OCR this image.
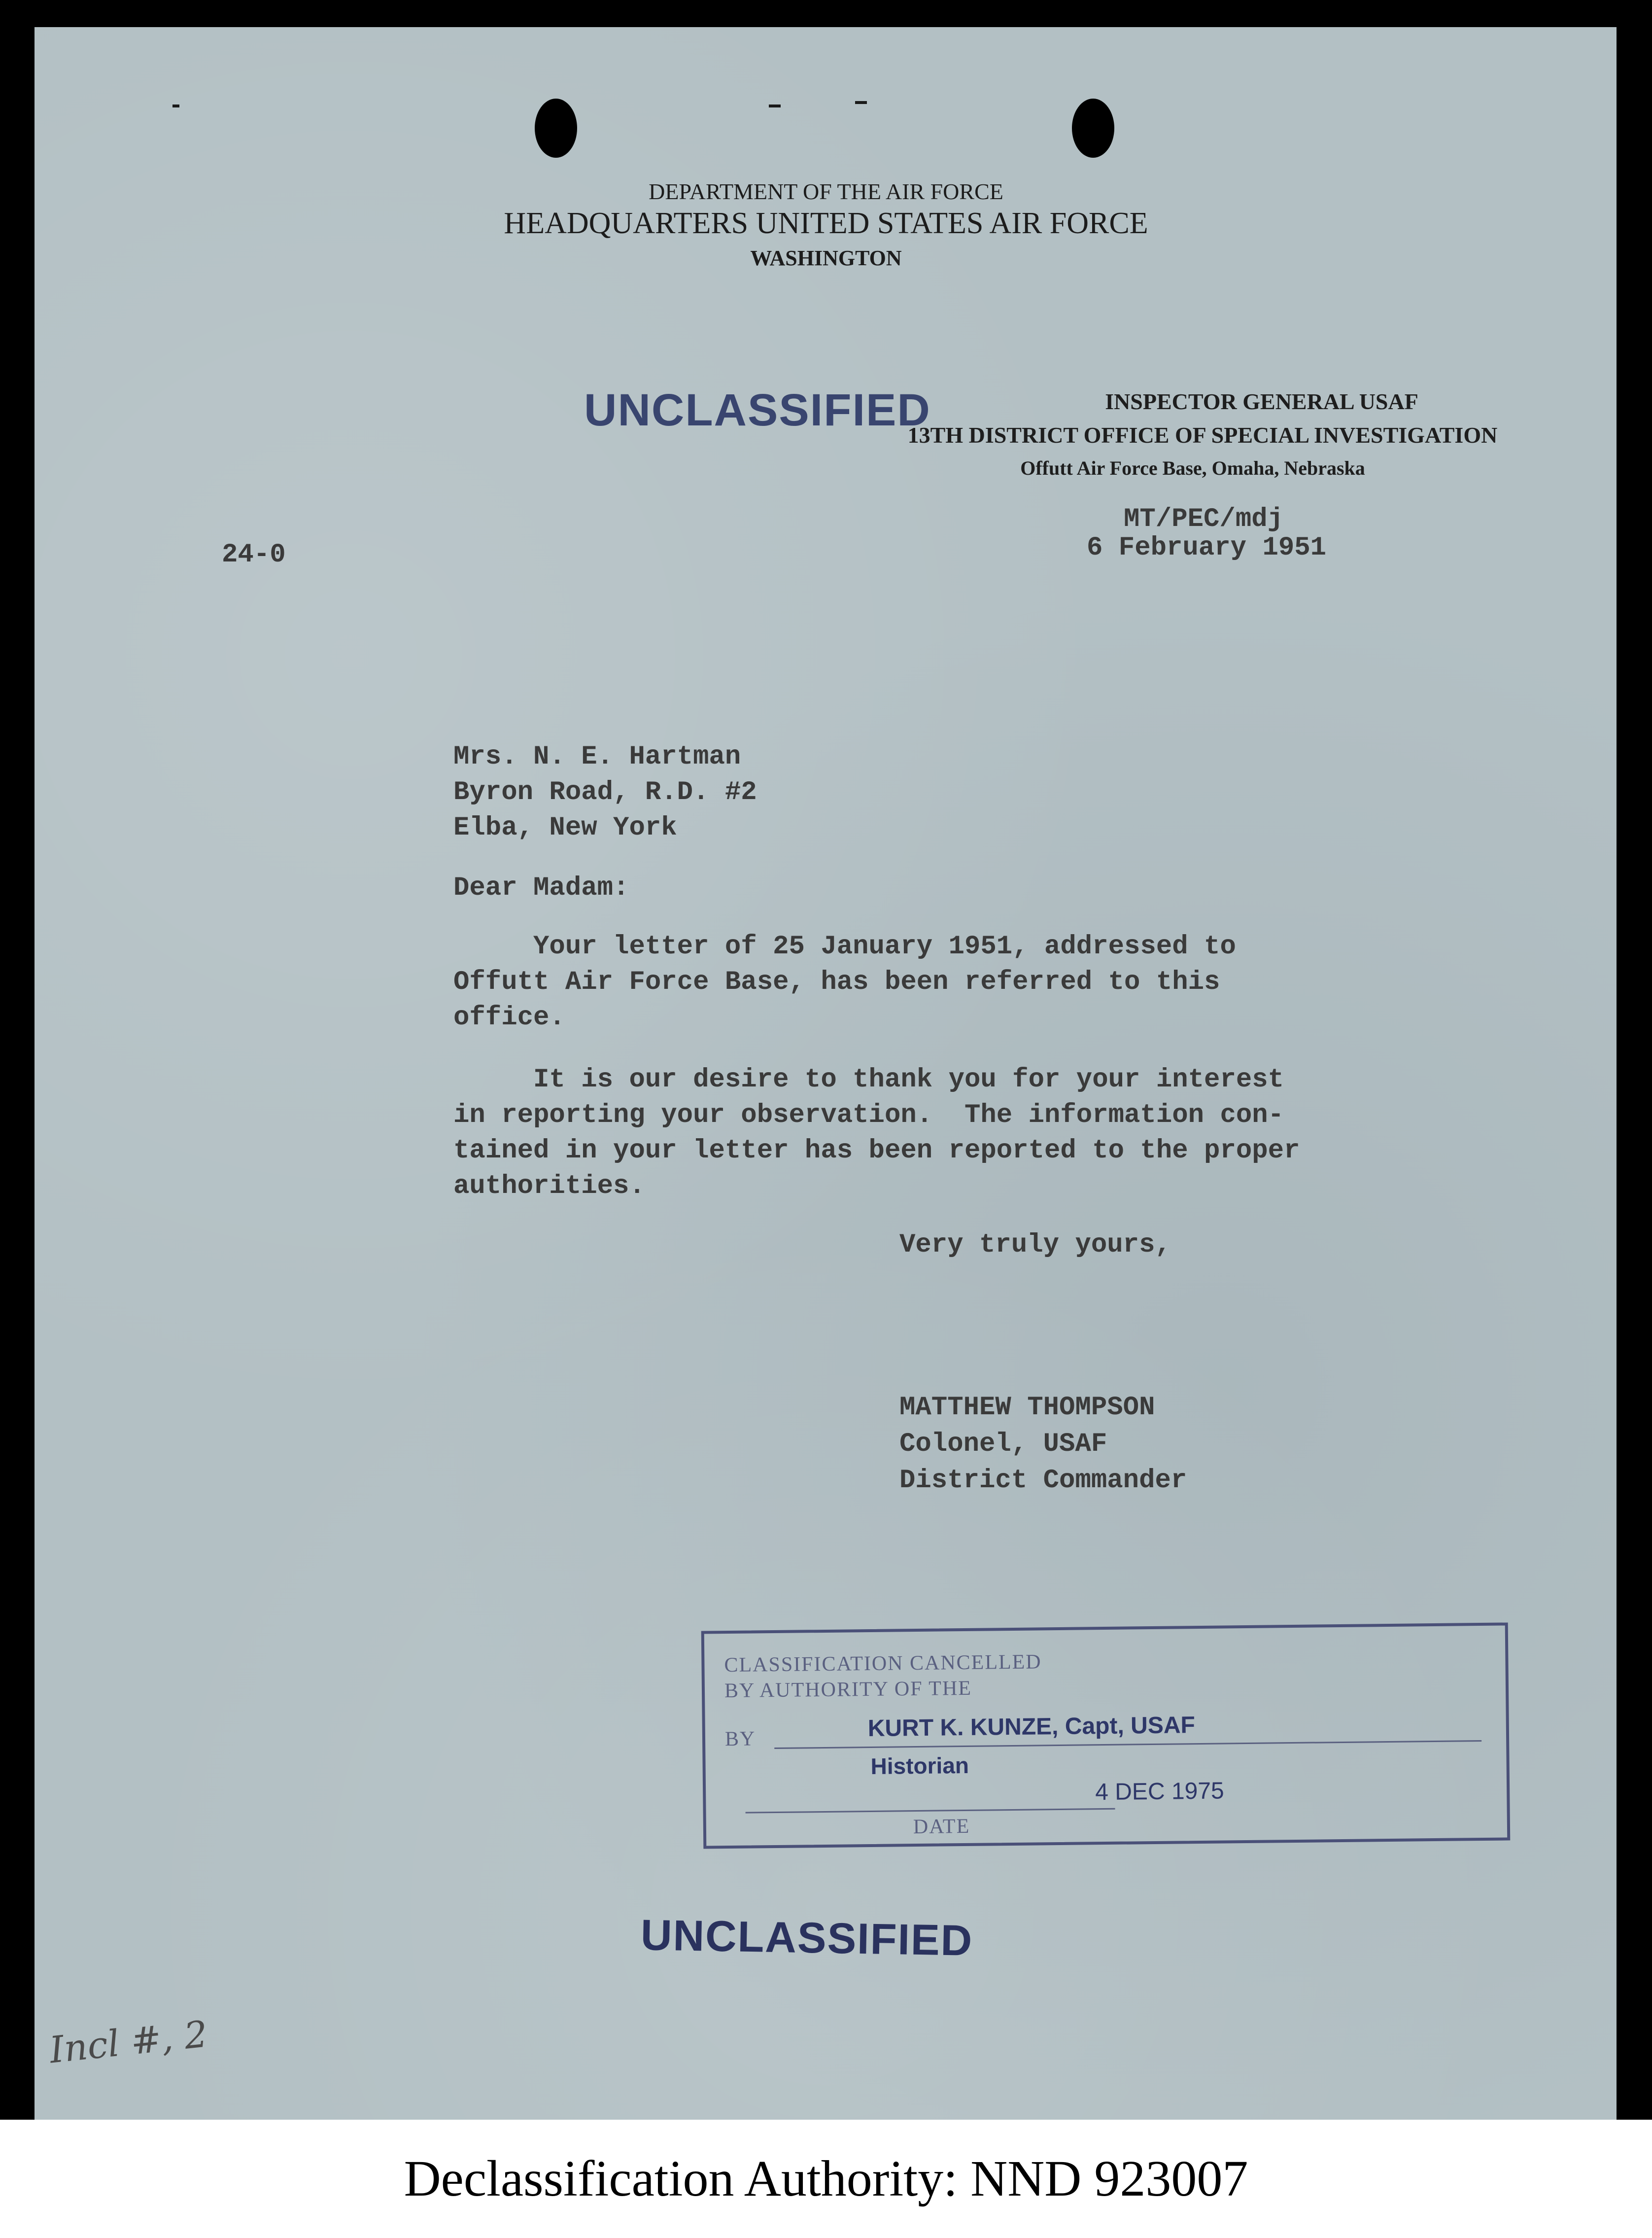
DEPARTMENT OF THE AIR FORCE
HEADQUARTERS UNITED STATES AIR FORCE
WASHINGTON
UNCLASSIFIED	INSPECTOR GENERAL USAF
13TH DISTRICT OFFICE OF SPECIAL INVESTIGATION
Offutt Air Force Base, Omaha, Nebraska
24-0
MT/PEC/mdj
6 February 1951
Mrs. N. E. Hartman
Byron Road, R.D. #2
Elba, New York
Dear Madam:
Your letter of 25 January 1951, addressed to
Offutt Air Force Base, has been referred to this
office.
It is our desire to thank you for your interest
in reporting your observation.  The information con-
tained in your letter has been reported to the proper
authorities.
Very truly yours,
MATTHEW THOMPSON
Colonel, USAF
District Commander
CLASSIFICATION CANCELLED
BY AUTHORITY OF THE
BY	KURT K. KUNZE, Capt, USAF
Historian
4 DEC 1975
DATE
UNCLASSIFIED
Incl #, 2
Declassification Authority: NND 923007
